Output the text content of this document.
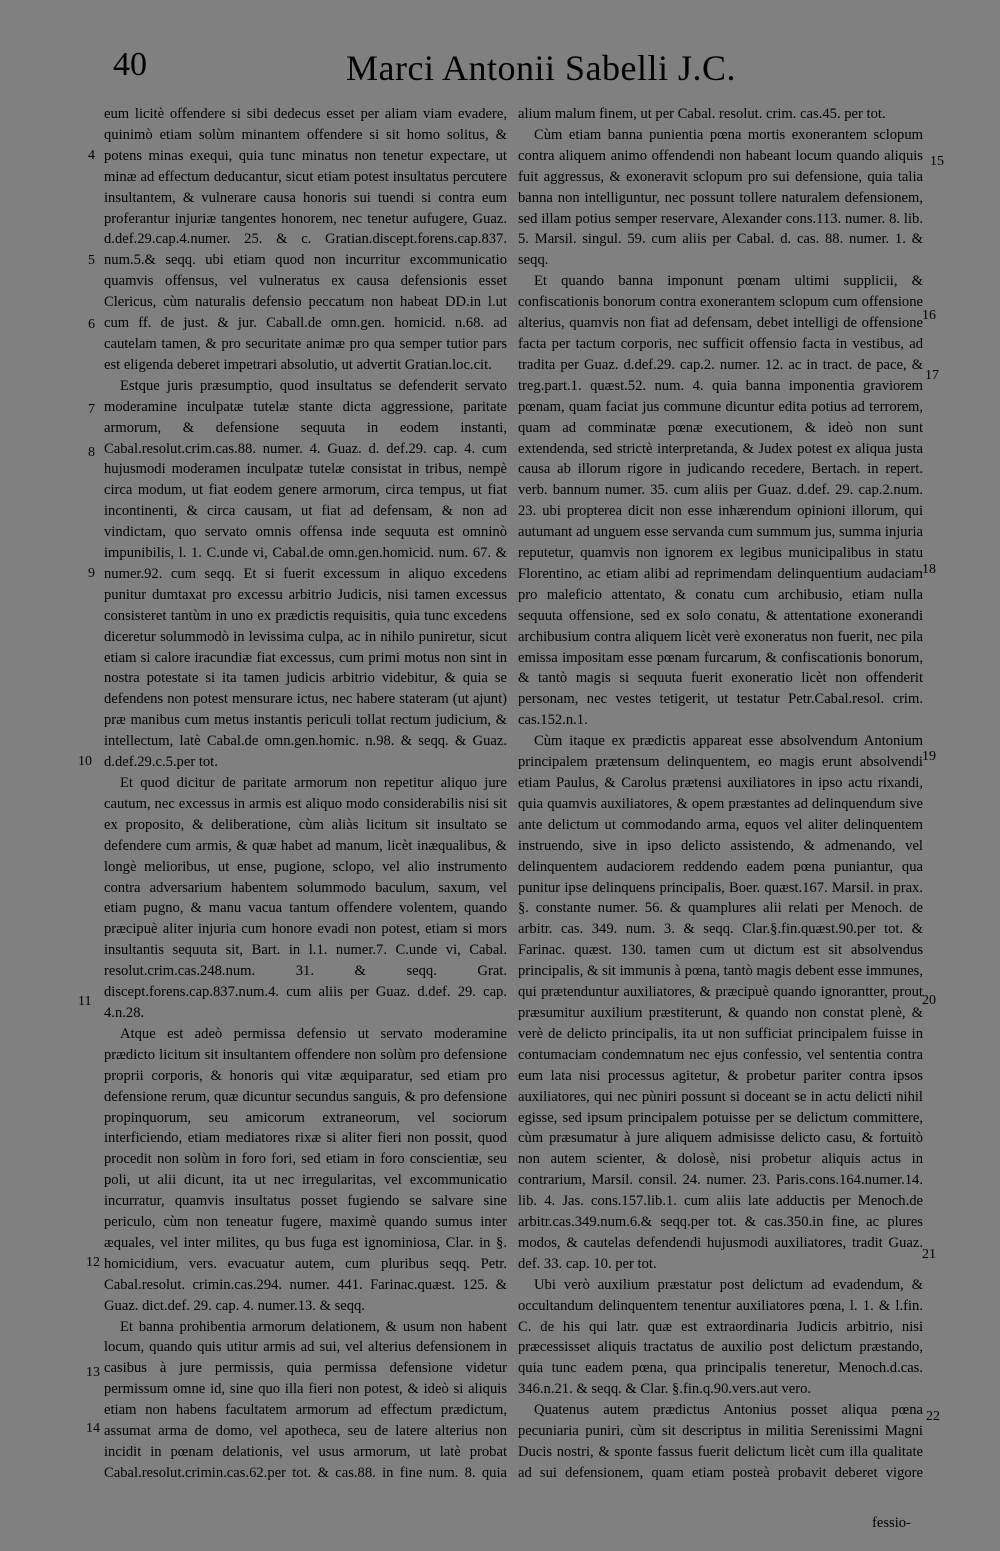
40	Marci Antonii Sabelli J.C.

eum licitè offendere si sibi dedecus esset per aliam viam evadere, quinimò etiam solùm minantem offendere si sit homo solitus, & potens minas exequi, quia tunc minatus non tenetur expectare, ut minæ ad effectum deducantur, sicut etiam potest insultatus percutere insultantem, & vulnerare causa honoris sui tuendi si contra eum proferantur injuriæ tangentes honorem, nec tenetur aufugere, Guaz. d.def.29.cap.4.numer. 25. & c. Gratian.discept.forens.cap.837. num.5.& seqq. ubi etiam quod non incurritur excommunicatio quamvis offensus, vel vulneratus ex causa defensionis esset Clericus, cùm naturalis defensio peccatum non habeat DD.in l.ut cum ff. de just. & jur. Caball.de omn.gen. homicid. n.68. ad cautelam tamen, & pro securitate animæ pro qua semper tutior pars est eligenda deberet impetrari absolutio, ut advertit Gratian.loc.cit.

Estque juris præsumptio, quod insultatus se defenderit servato moderamine inculpatæ tutelæ stante dicta aggressione, paritate armorum, & defensione sequuta in eodem instanti, Cabal.resolut.crim.cas.88. numer. 4. Guaz. d. def.29. cap. 4. cum hujusmodi moderamen inculpatæ tutelæ consistat in tribus, nempè circa modum, ut fiat eodem genere armorum, circa tempus, ut fiat incontinenti, & circa causam, ut fiat ad defensam, & non ad vindictam, quo servato omnis offensa inde sequuta est omninò impunibilis, l. 1. C.unde vi, Cabal.de omn.gen.homicid. num. 67. & numer.92. cum seqq. Et si fuerit excessum in aliquo excedens punitur dumtaxat pro excessu arbitrio Judicis, nisi tamen excessus consisteret tantùm in uno ex prædictis requisitis, quia tunc excedens diceretur solummodò in levissima culpa, ac in nihilo puniretur, sicut etiam si calore iracundiæ fiat excessus, cum primi motus non sint in nostra potestate si ita tamen judicis arbitrio videbitur, & quia se defendens non potest mensurare ictus, nec habere stateram (ut ajunt) præ manibus cum metus instantis periculi tollat rectum judicium, & intellectum, latè Cabal.de omn.gen.homic. n.98. & seqq. & Guaz. d.def.29.c.5.per tot.

Et quod dicitur de paritate armorum non repetitur aliquo jure cautum, nec excessus in armis est aliquo modo considerabilis nisi sit ex proposito, & deliberatione, cùm aliàs licitum sit insultato se defendere cum armis, & quæ habet ad manum, licèt inæqualibus, & longè melioribus, ut ense, pugione, sclopo, vel alio instrumento contra adversarium habentem solummodo baculum, saxum, vel etiam pugno, & manu vacua tantum offendere volentem, quando præcipuè aliter injuria cum honore evadi non potest, etiam si mors insultantis sequuta sit, Bart. in l.1. numer.7. C.unde vi, Cabal. resolut.crim.cas.248.num. 31. & seqq. Grat. discept.forens.cap.837.num.4. cum aliis per Guaz. d.def. 29. cap. 4.n.28.

Atque est adeò permissa defensio ut servato moderamine prædicto licitum sit insultantem offendere non solùm pro defensione proprii corporis, & honoris qui vitæ æquiparatur, sed etiam pro defensione rerum, quæ dicuntur secundus sanguis, & pro defensione propinquorum, seu amicorum extraneorum, vel sociorum interficiendo, etiam mediatores rixæ si aliter fieri non possit, quod procedit non solùm in foro fori, sed etiam in foro conscientiæ, seu poli, ut alii dicunt, ita ut nec irregularitas, vel excommunicatio incurratur, quamvis insultatus posset fugiendo se salvare sine periculo, cùm non teneatur fugere, maximè quando sumus inter æquales, vel inter milites, qu bus fuga est ignominiosa, Clar. in §. homicidium, vers. evacuatur autem, cum pluribus seqq. Petr. Cabal.resolut. crimin.cas.294. numer. 441. Farinac.quæst. 125. & Guaz. dict.def. 29. cap. 4. numer.13. & seqq.

Et banna prohibentia armorum delationem, & usum non habent locum, quando quis utitur armis ad sui, vel alterius defensionem in casibus à jure permissis, quia permissa defensione videtur permissum omne id, sine quo illa fieri non potest, & ideò si aliquis etiam non habens facultatem armorum ad effectum prædictum, assumat arma de domo, vel apotheca, seu de latere alterius non incidit in pœnam delationis, vel usus armorum, ut latè probat Cabal.resolut.crimin.cas.62.per tot. & cas.88. in fine num. 8. quia

alium malum finem, ut per Cabal. resolut. crim. cas.45. per tot.

Cùm etiam banna punientia pœna mortis exonerantem sclopum contra aliquem animo offendendi non habeant locum quando aliquis fuit aggressus, & exoneravit sclopum pro sui defensione, quia talia banna non intelliguntur, nec possunt tollere naturalem defensionem, sed illam potius semper reservare, Alexander cons.113. numer. 8. lib. 5. Marsil. singul. 59. cum aliis per Cabal. d. cas. 88. numer. 1. & seqq.

Et quando banna imponunt pœnam ultimi supplicii, & confiscationis bonorum contra exonerantem sclopum cum offensione alterius, quamvis non fiat ad defensam, debet intelligi de offensione facta per tactum corporis, nec sufficit offensio facta in vestibus, ad tradita per Guaz. d.def.29. cap.2. numer. 12. ac in tract. de pace, & treg.part.1. quæst.52. num. 4. quia banna imponentia graviorem pœnam, quam faciat jus commune dicuntur edita potius ad terrorem, quam ad comminatæ pœnæ executionem, & ideò non sunt extendenda, sed strictè interpretanda, & Judex potest ex aliqua justa causa ab illorum rigore in judicando recedere, Bertach. in repert. verb. bannum numer. 35. cum aliis per Guaz. d.def. 29. cap.2.num. 23. ubi propterea dicit non esse inhærendum opinioni illorum, qui autumant ad unguem esse servanda cum summum jus, summa injuria reputetur, quamvis non ignorem ex legibus municipalibus in statu Florentino, ac etiam alibi ad reprimendam delinquentium audaciam pro maleficio attentato, & conatu cum archibusio, etiam nulla sequuta offensione, sed ex solo conatu, & attentatione exonerandi archibusium contra aliquem licèt verè exoneratus non fuerit, nec pila emissa impositam esse pœnam furcarum, & confiscationis bonorum, & tantò magis si sequuta fuerit exoneratio licèt non offenderit personam, nec vestes tetigerit, ut testatur Petr.Cabal.resol. crim. cas.152.n.1.

Cùm itaque ex prædictis appareat esse absolvendum Antonium principalem prætensum delinquentem, eo magis erunt absolvendi etiam Paulus, & Carolus prætensi auxiliatores in ipso actu rixandi, quia quamvis auxiliatores, & opem præstantes ad delinquendum sive ante delictum ut commodando arma, equos vel aliter delinquentem instruendo, sive in ipso delicto assistendo, & admenando, vel delinquentem audaciorem reddendo eadem pœna puniantur, qua punitur ipse delinquens principalis, Boer. quæst.167. Marsil. in prax. §. constante numer. 56. & quamplures alii relati per Menoch. de arbitr. cas. 349. num. 3. & seqq. Clar.§.fin.quæst.90.per tot. & Farinac. quæst. 130. tamen cum ut dictum est sit absolvendus principalis, & sit immunis à pœna, tantò magis debent esse immunes, qui prætenduntur auxiliatores, & præcipuè quando ignorantter, prout præsumitur auxilium præstiterunt, & quando non constat plenè, & verè de delicto principalis, ita ut non sufficiat principalem fuisse in contumaciam condemnatum nec ejus confessio, vel sententia contra eum lata nisi processus agitetur, & probetur pariter contra ipsos auxiliatores, qui nec pùniri possunt si doceant se in actu delicti nihil egisse, sed ipsum principalem potuisse per se delictum committere, cùm præsumatur à jure aliquem admisisse delicto casu, & fortuitò non autem scienter, & dolosè, nisi probetur aliquis actus in contrarium, Marsil. consil. 24. numer. 23. Paris.cons.164.numer.14. lib. 4. Jas. cons.157.lib.1. cum aliis late adductis per Menoch.de arbitr.cas.349.num.6.& seqq.per tot. & cas.350.in fine, ac plures modos, & cautelas defendendi hujusmodi auxiliatores, tradit Guaz. def. 33. cap. 10. per tot.

Ubi verò auxilium præstatur post delictum ad evadendum, & occultandum delinquentem tenentur auxiliatores pœna, l. 1. & l.fin. C. de his qui latr. quæ est extraordinaria Judicis arbitrio, nisi præcessisset aliquis tractatus de auxilio post delictum præstando, quia tunc eadem pœna, qua principalis teneretur, Menoch.d.cas. 346.n.21. & seqq. & Clar. §.fin.q.90.vers.aut vero.

Quatenus autem prædictus Antonius posset aliqua pœna pecuniaria puniri, cùm sit descriptus in militia Serenissimi Magni Ducis nostri, & sponte fassus fuerit delictum licèt cum illa qualitate ad sui defensionem, quam etiam posteà probavit deberet vigore

4
5
6
7
8
9
10
11
12
13
14
15
16
17
18
19
20
21
22
fessio-
